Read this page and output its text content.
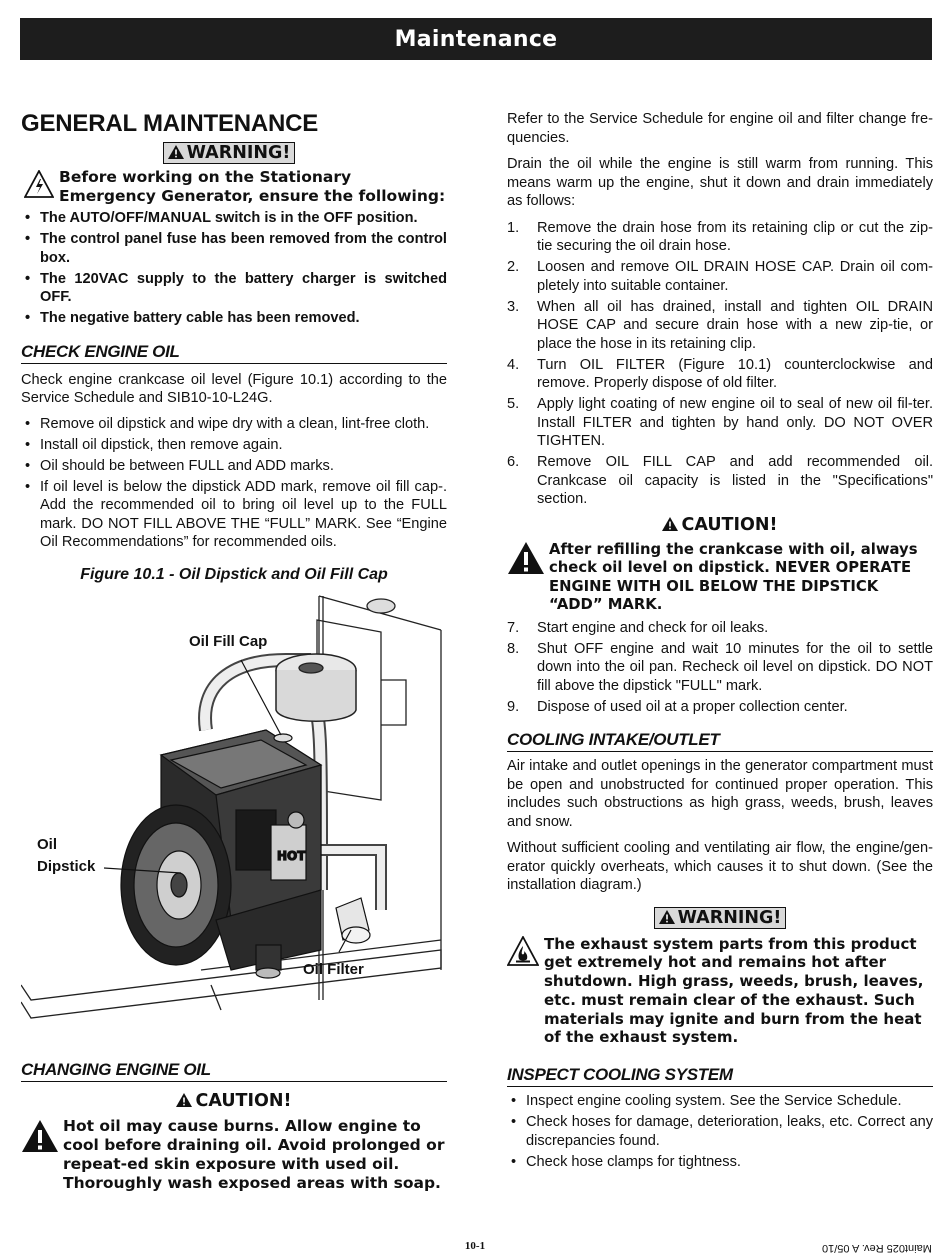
Maintenance
GENERAL MAINTENANCE
WARNING!
Before working on the Stationary Emergency Generator, ensure the following:
• The AUTO/OFF/MANUAL switch is in the OFF position.
• The control panel fuse has been removed from the control box.
• The 120VAC supply to the battery charger is switched OFF.
• The negative battery cable has been removed.
CHECK ENGINE OIL

Check engine crankcase oil level (Figure 10.1) according to the Service Schedule and SIB10-10-L24G.

• Remove oil dipstick and wipe dry with a clean, lint-free cloth.
• Install oil dipstick, then remove again.
• Oil should be between FULL and ADD marks.
• If oil level is below the dipstick ADD mark, remove oil fill cap-. Add the recommended oil to bring oil level up to the FULL mark. DO NOT FILL ABOVE THE “FULL” MARK. See “Engine Oil Recommendations” for recommended oils.
Figure 10.1 - Oil Dipstick and Oil Fill Cap
HOT
Oil Fill Cap
Oil
Dipstick
Oil Filter
CHANGING ENGINE OIL
CAUTION!
Hot oil may cause burns. Allow engine to cool before draining oil. Avoid prolonged or repeat-ed skin exposure with used oil. Thoroughly wash exposed areas with soap.

Refer to the Service Schedule for engine oil and filter change fre-quencies.

Drain the oil while the engine is still warm from running. This means warm up the engine, shut it down and drain immediately as follows:

1. Remove the drain hose from its retaining clip or cut the zip-tie securing the oil drain hose.
2. Loosen and remove OIL DRAIN HOSE CAP. Drain oil com-pletely into suitable container.
3. When all oil has drained, install and tighten OIL DRAIN HOSE CAP and secure drain hose with a new zip-tie, or place the hose in its retaining clip.
4. Turn OIL FILTER (Figure 10.1) counterclockwise and remove. Properly dispose of old filter.
5. Apply light coating of new engine oil to seal of new oil fil-ter. Install FILTER and tighten by hand only. DO NOT OVER TIGHTEN.
6. Remove OIL FILL CAP and add recommended oil. Crankcase oil capacity is listed in the "Specifications" section.
CAUTION!
After refilling the crankcase with oil, always check oil level on dipstick. NEVER OPERATE ENGINE WITH OIL BELOW THE DIPSTICK “ADD” MARK.
7. Start engine and check for oil leaks.
8. Shut OFF engine and wait 10 minutes for the oil to settle down into the oil pan. Recheck oil level on dipstick. DO NOT fill above the dipstick "FULL" mark.
9. Dispose of used oil at a proper collection center.
COOLING INTAKE/OUTLET

Air intake and outlet openings in the generator compartment must be open and unobstructed for continued proper operation. This includes such obstructions as high grass, weeds, brush, leaves and snow.

Without sufficient cooling and ventilating air flow, the engine/gen-erator quickly overheats, which causes it to shut down. (See the installation diagram.)

WARNING!
The exhaust system parts from this product get extremely hot and remains hot after shutdown. High grass, weeds, brush, leaves, etc. must remain clear of the exhaust. Such materials may ignite and burn from the heat of the exhaust system.
INSPECT COOLING SYSTEM
• Inspect engine cooling system. See the Service Schedule.
• Check hoses for damage, deterioration, leaks, etc. Correct any discrepancies found.
• Check hose clamps for tightness.
10-1	Maint025 Rev. A 05/10
